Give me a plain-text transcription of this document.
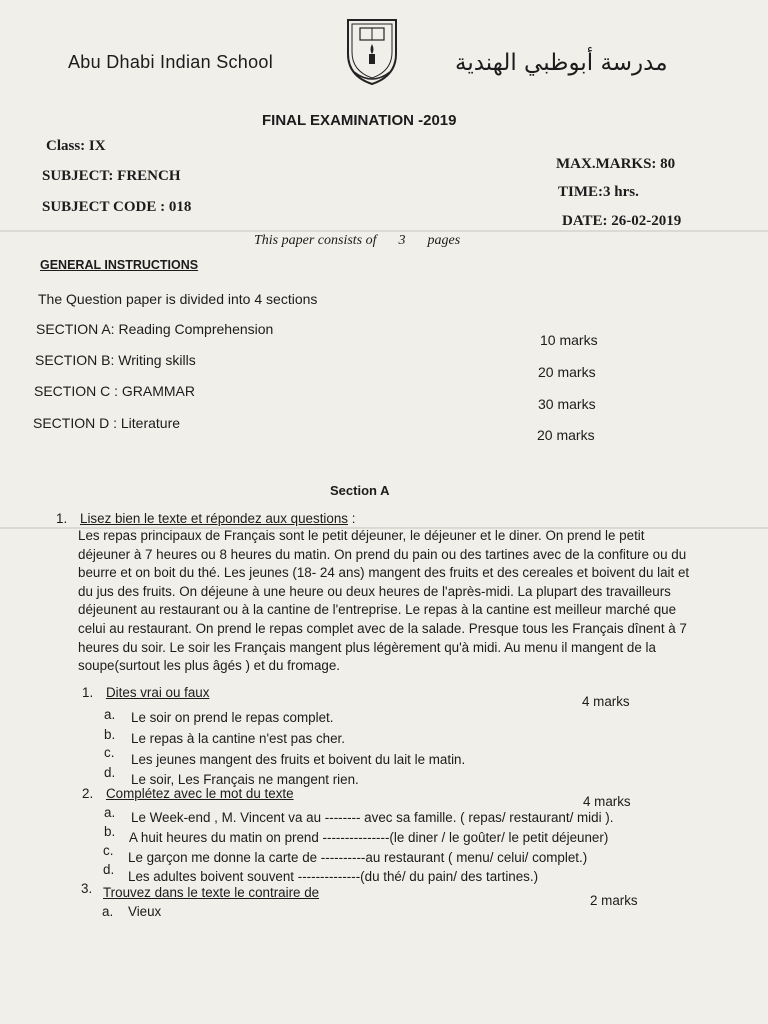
Abu Dhabi Indian School	مدرسة أبوظبي الهندية
FINAL EXAMINATION -2019
Class: IX
SUBJECT: FRENCH
SUBJECT CODE : 018
MAX.MARKS: 80
TIME:3 hrs.
DATE: 26-02-2019
This paper consists of 3 pages
GENERAL INSTRUCTIONS
The Question paper is divided into 4 sections
SECTION A: Reading Comprehension
10 marks
SECTION B: Writing skills
20 marks
SECTION C : GRAMMAR
30 marks
SECTION D : Literature
20 marks
Section A
1. Lisez bien le texte et répondez aux questions :

Les repas principaux de Français sont le petit déjeuner, le déjeuner et le diner. On prend le petit

déjeuner à 7 heures ou 8 heures du matin. On prend du pain ou des tartines avec de la confiture ou du

beurre et on boit du thé. Les jeunes (18- 24 ans) mangent des fruits et des cereales et boivent du lait et

du jus des fruits. On déjeune à une heure ou deux heures de l'après-midi. La plupart des travailleurs

déjeunent au restaurant ou à la cantine de l'entreprise. Le repas à la cantine est meilleur marché que

celui au restaurant. On prend le repas complet avec de la salade. Presque tous les Français dînent à 7

heures du soir. Le soir les Français mangent plus légèrement qu'à midi. Au menu il mangent de la

soupe(surtout les plus âgés ) et du fromage.

1. Dites vrai ou faux
4 marks
a. Le soir on prend le repas complet.
b. Le repas à la cantine n'est pas cher.
c. Les jeunes mangent des fruits et boivent du lait le matin.
d. Le soir, Les Français ne mangent rien.
2. Complétez avec le mot du texte
4 marks
a. Le Week-end , M. Vincent va au -------- avec sa famille. ( repas/ restaurant/ midi ).
b. A huit heures du matin on prend ---------------(le diner / le goûter/ le petit déjeuner)
c. Le garçon me donne la carte de ----------au restaurant ( menu/ celui/ complet.)
d. Les adultes boivent souvent --------------(du thé/ du pain/ des tartines.)
3. Trouvez dans le texte le contraire de
2 marks
a. Vieux
